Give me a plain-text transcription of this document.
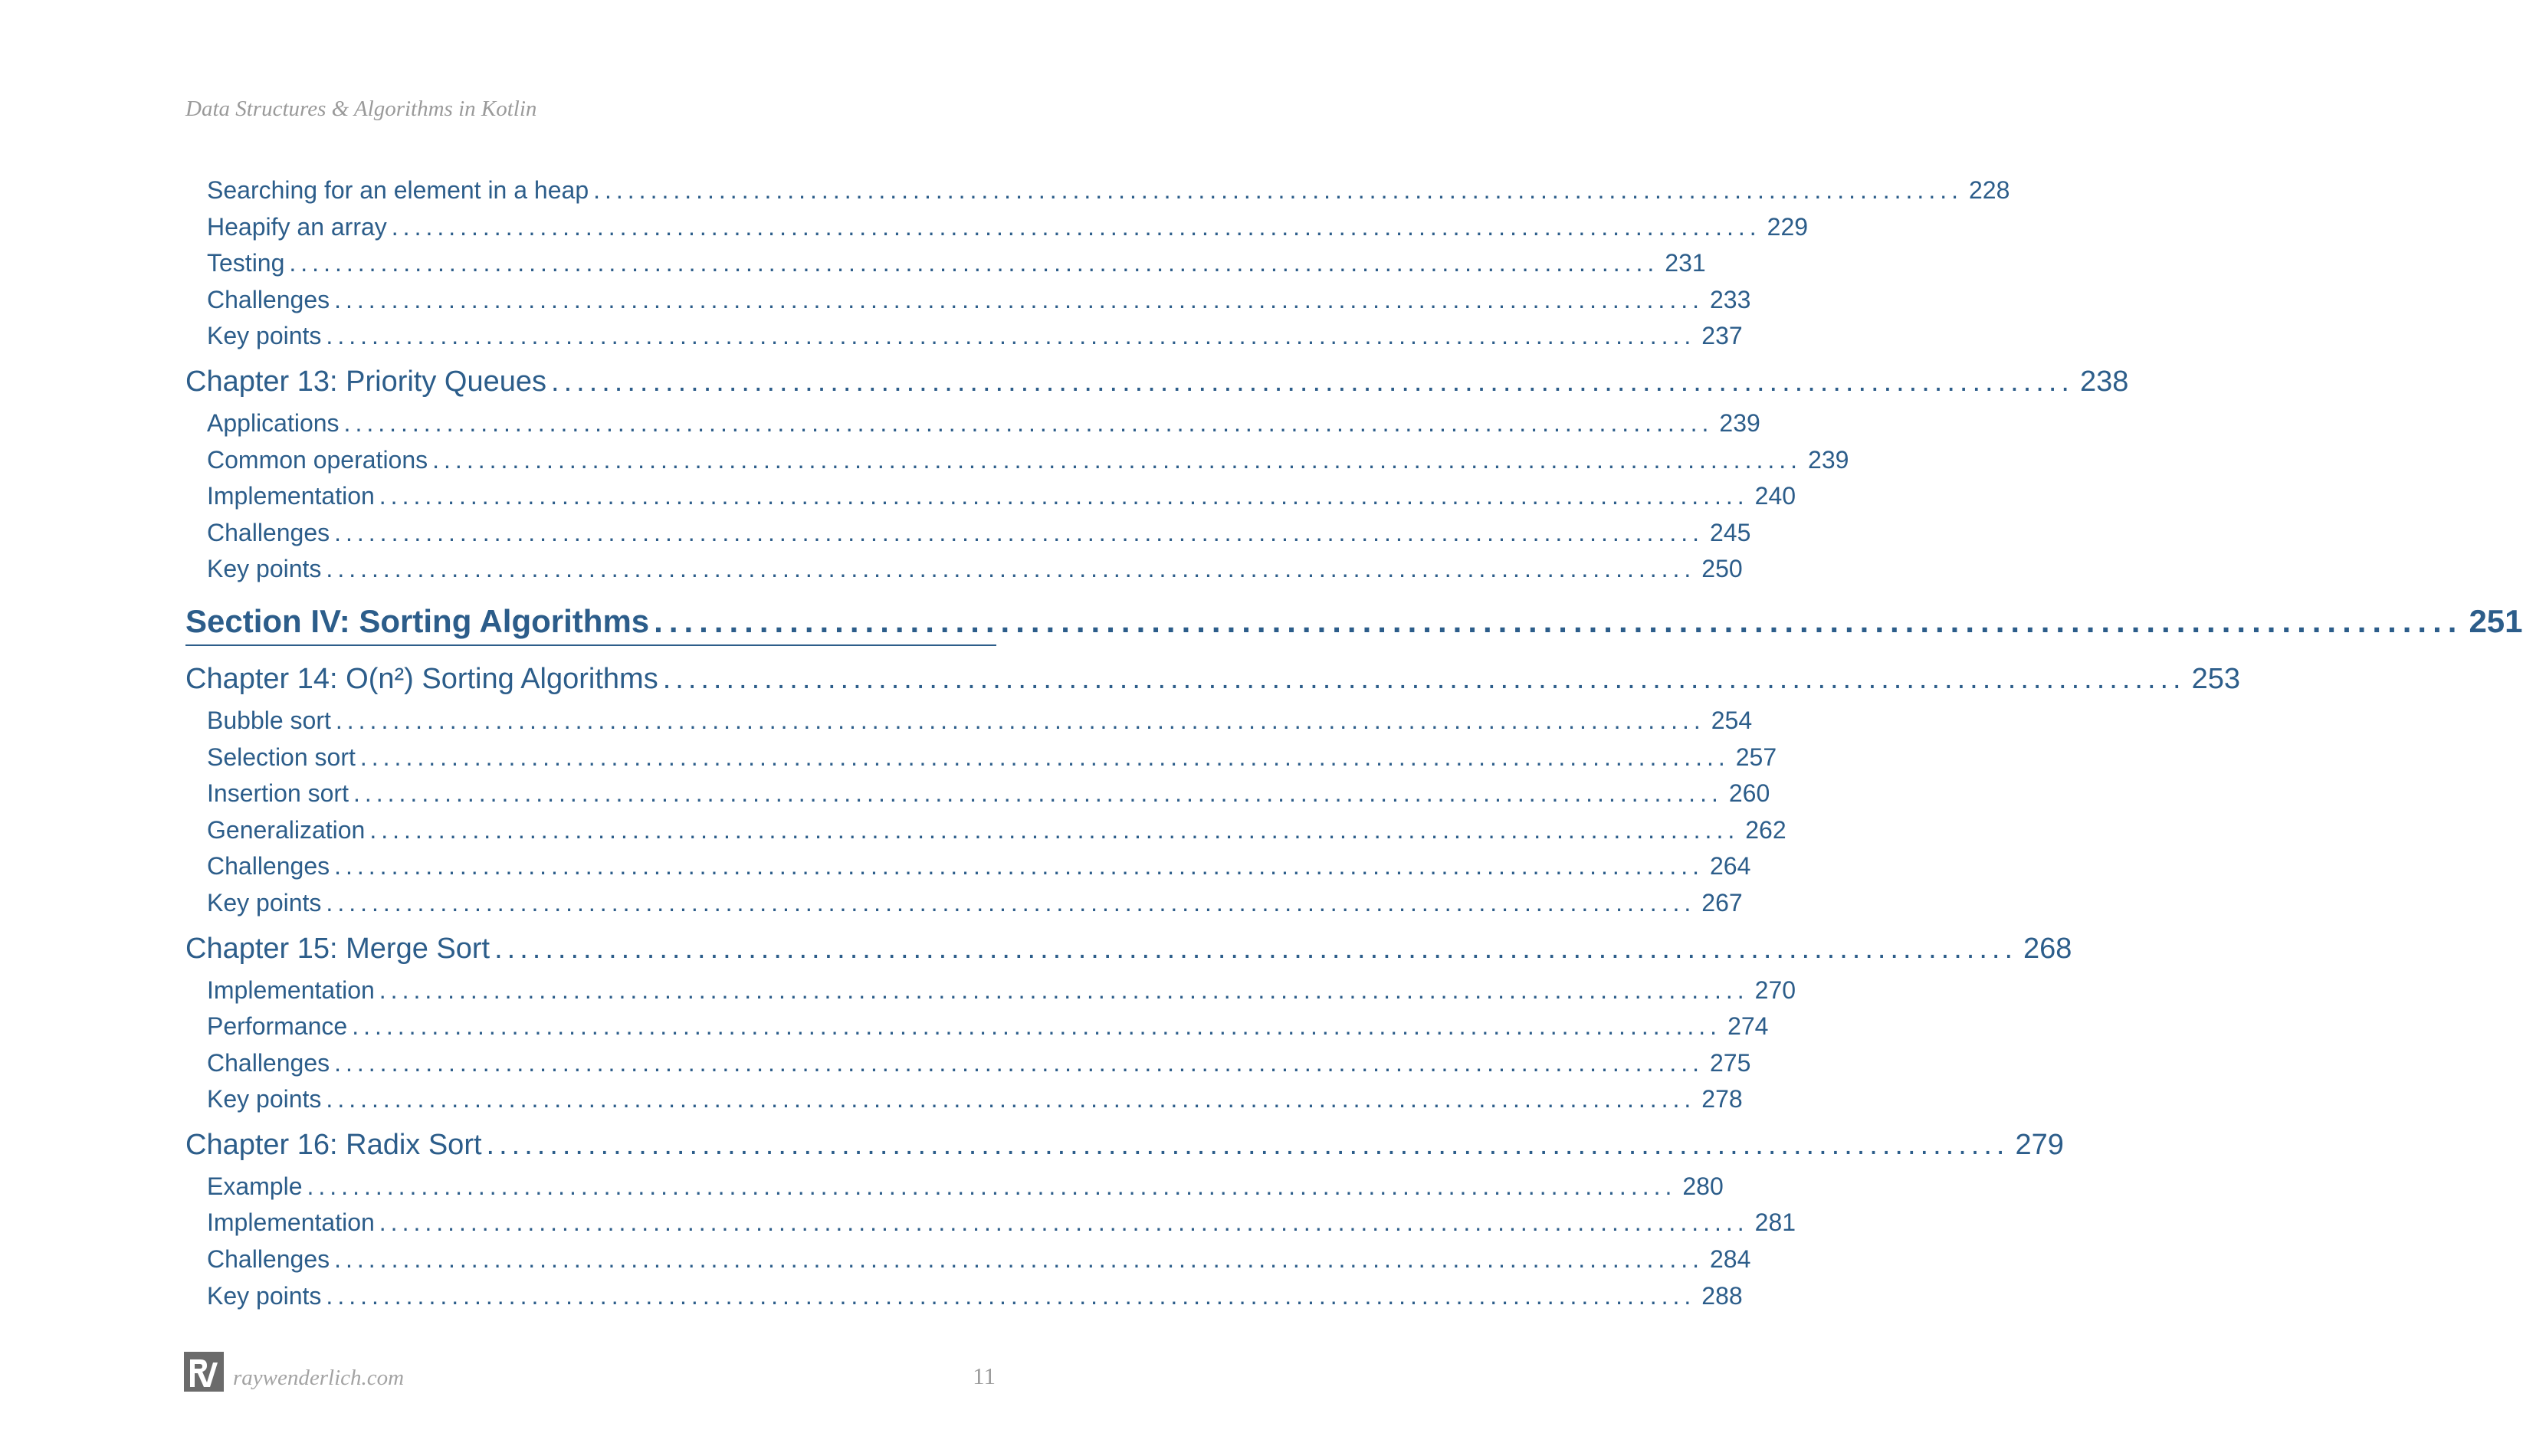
Data Structures & Algorithms in Kotlin
Searching for an element in a heap ........................................................................................................................ 228
Heapify an array ........................................................................................................................ 229
Testing ........................................................................................................................ 231
Challenges ........................................................................................................................ 233
Key points ........................................................................................................................ 237
Chapter 13: Priority Queues ........................................................................................................................ 238
Applications ........................................................................................................................ 239
Common operations ........................................................................................................................ 239
Implementation ........................................................................................................................ 240
Challenges ........................................................................................................................ 245
Key points ........................................................................................................................ 250
Section IV: Sorting Algorithms ........................................................................................................................ 251
Chapter 14: O(n²) Sorting Algorithms ........................................................................................................................ 253
Bubble sort ........................................................................................................................ 254
Selection sort ........................................................................................................................ 257
Insertion sort ........................................................................................................................ 260
Generalization ........................................................................................................................ 262
Challenges ........................................................................................................................ 264
Key points ........................................................................................................................ 267
Chapter 15: Merge Sort ........................................................................................................................ 268
Implementation ........................................................................................................................ 270
Performance ........................................................................................................................ 274
Challenges ........................................................................................................................ 275
Key points ........................................................................................................................ 278
Chapter 16: Radix Sort ........................................................................................................................ 279
Example ........................................................................................................................ 280
Implementation ........................................................................................................................ 281
Challenges ........................................................................................................................ 284
Key points ........................................................................................................................ 288
raywenderlich.com	11
